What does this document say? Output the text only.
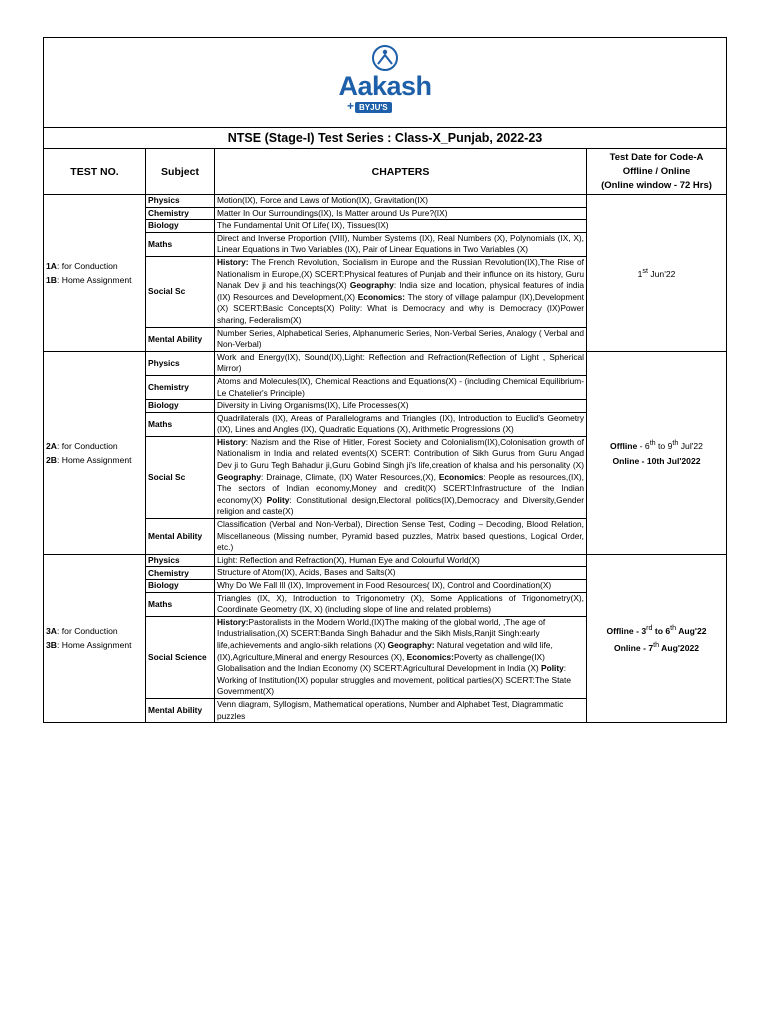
Aakash
+ BYJU'S			

NTSE (Stage-I) Test Series : Class-X_Punjab, 2022-23			
TEST NO.	Subject	CHAPTERS	Test Date for Code-A
Offline / Online
(Online window - 72 Hrs)
1A: for Conduction
1B: Home Assignment	Physics	Motion(IX), Force and Laws of Motion(IX), Gravitation(IX)	1st Jun'22
	Chemistry	Matter In Our Surroundings(IX), Is Matter around Us Pure?(IX)	
	Biology	The Fundamental Unit Of Life( IX), Tissues(IX)	
	Maths	Direct and Inverse Proportion (VIII), Number Systems (IX), Real Numbers (X), Polynomials (IX, X), Linear Equations in Two Variables (IX), Pair of Linear Equations in Two Variables (X)	
	Social Sc	History: The French Revolution, Socialism in Europe and the Russian Revolution(IX),The Rise of Nationalism in Europe,(X) SCERT:Physical features of Punjab and their influnce on its history, Guru Nanak Dev ji and his teachings(X) Geography: India size and location, physical features of india (IX) Resources and Development,(X) Economics: The story of village palampur (IX),Development (X) SCERT:Basic Concepts(X) Polity: What is Democracy and why is Democracy (IX)Power sharing, Federalism(X)	
	Mental Ability	Number Series, Alphabetical Series, Alphanumeric Series, Non-Verbal Series, Analogy ( Verbal and Non-Verbal)	
2A: for Conduction
2B: Home Assignment	Physics	Work and Energy(IX), Sound(IX),Light: Reflection and Refraction(Reflection of Light , Spherical Mirror)	Offline - 6th to 9th Jul'22
Online - 10th Jul'2022
	Chemistry	Atoms and Molecules(IX), Chemical Reactions and Equations(X) - (including Chemical Equilibrium-Le Chatelier's Principle)	
	Biology	Diversity in Living Organisms(IX), Life Processes(X)	
	Maths	Quadrilaterals (IX), Areas of Parallelograms and Triangles (IX), Introduction to Euclid's Geometry (IX), Lines and Angles (IX), Quadratic Equations (X), Arithmetic Progressions (X)	
	Social Sc	History: Nazism and the Rise of Hitler, Forest Society and Colonialism(IX),Colonisation growth of Nationalism in India and related events(X) SCERT: Contribution of Sikh Gurus from Guru Angad Dev ji to Guru Tegh Bahadur ji,Guru Gobind Singh ji's life,creation of khalsa and his personality (X) Geography: Drainage, Climate, (IX) Water Resources,(X), Economics: People as resources,(IX), The sectors of Indian economy,Money and credit(X) SCERT:Infrastructure of the Indian economy(X) Polity: Constitutional design,Electoral politics(IX),Democracy and Diversity,Gender religion and caste(X)	
	Mental Ability	Classification (Verbal and Non-Verbal), Direction Sense Test, Coding – Decoding, Blood Relation, Miscellaneous (Missing number, Pyramid based puzzles, Matrix based questions, Logical Order, etc.)	
3A: for Conduction
3B: Home Assignment	Physics	Light: Reflection and Refraction(X), Human Eye and Colourful World(X)	Offline - 3rd to 6th Aug'22
Online - 7th Aug'2022
	Chemistry	Structure of Atom(IX), Acids, Bases and Salts(X)	
	Biology	Why Do We Fall Ill (IX), Improvement in Food Resources( IX), Control and Coordination(X)	
	Maths	Triangles (IX, X), Introduction to Trigonometry (X), Some Applications of Trigonometry(X), Coordinate Geometry (IX, X) (including slope of line and related problems)	
	Social Science	History:Pastoralists in the Modern World,(IX)The making of the global world, ,The age of Industrialisation,(X) SCERT:Banda Singh Bahadur and the Sikh Misls,Ranjit Singh:early life,achievements and anglo-sikh relations (X) Geography: Natural vegetation and wild life, (IX),Agriculture,Mineral and energy Resources (X), Economics:Poverty as challenge(IX) Globalisation and the Indian Economy (X) SCERT:Agricultural Development in India (X) Polity: Working of Institution(IX) popular struggles and movement, political parties(X) SCERT:The State Government(X)	
	Mental Ability	Venn diagram, Syllogism, Mathematical operations, Number and Alphabet Test, Diagrammatic puzzles	
